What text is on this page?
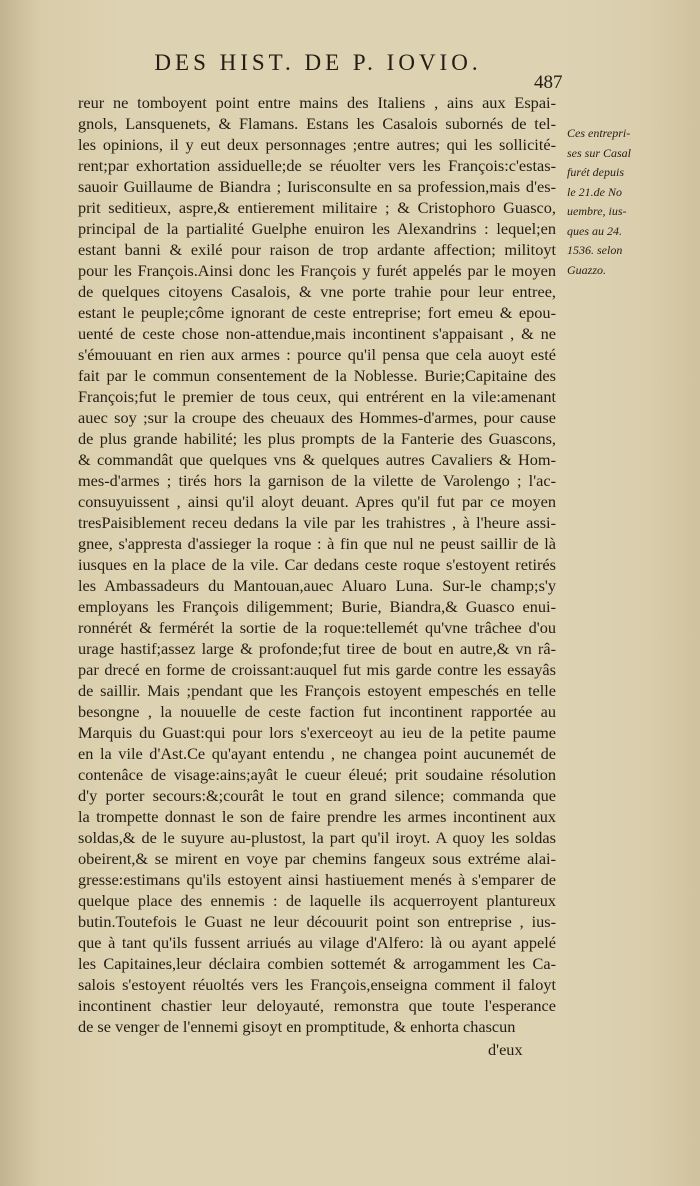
DES HIST. DE P. IOVIO.
487
reur ne tomboyent point entre mains des Italiens , ains aux Espai-
gnols, Lansquenets, & Flamans. Estans les Casalois subornés de tel-
les opinions, il y eut deux personnages ;entre autres; qui les sollicité-
rent;par exhortation assiduelle;de se réuolter vers les François:c'estas-
sauoir Guillaume de Biandra ; Iurisconsulte en sa profession,mais d'es-
prit seditieux, aspre,& entierement militaire ; & Cristophoro Guasco,
principal de la partialité Guelphe enuiron les Alexandrins : lequel;en
estant banni & exilé pour raison de trop ardante affection; militoyt
pour les François.Ainsi donc les François y furét appelés par le moyen
de quelques citoyens Casalois, & vne porte trahie pour leur entree,
estant le peuple;côme ignorant de ceste entreprise; fort emeu & epou-
uenté de ceste chose non-attendue,mais incontinent s'appaisant , & ne
s'émouuant en rien aux armes : pource qu'il pensa que cela auoyt esté
fait par le commun consentement de la Noblesse. Burie;Capitaine des
François;fut le premier de tous ceux, qui entrérent en la vile:amenant
auec soy ;sur la croupe des cheuaux des Hommes-d'armes, pour cause
de plus grande habilité; les plus prompts de la Fanterie des Guascons,
& commandât que quelques vns & quelques autres Cavaliers & Hom-
mes-d'armes ; tirés hors la garnison de la vilette de Varolengo ; l'ac-
consuyuissent , ainsi qu'il aloyt deuant. Apres qu'il fut par ce moyen
tresPaisiblement receu dedans la vile par les trahistres , à l'heure assi-
gnee, s'appresta d'assieger la roque : à fin que nul ne peust saillir de là
iusques en la place de la vile. Car dedans ceste roque s'estoyent retirés
les Ambassadeurs du Mantouan,auec Aluaro Luna. Sur-le champ;s'y
employans les François diligemment; Burie, Biandra,& Guasco enui-
ronnérét & fermérét la sortie de la roque:tellemét qu'vne trâchee d'ou
urage hastif;assez large & profonde;fut tiree de bout en autre,& vn râ-
par drecé en forme de croissant:auquel fut mis garde contre les essayâs
de saillir. Mais ;pendant que les François estoyent empeschés en telle
besongne , la nouuelle de ceste faction fut incontinent rapportée au
Marquis du Guast:qui pour lors s'exerceoyt au ieu de la petite paume
en la vile d'Ast.Ce qu'ayant entendu , ne changea point aucunemét de
contenâce de visage:ains;ayât le cueur éleué; prit soudaine résolution
d'y porter secours:&;courât le tout en grand silence; commanda que
la trompette donnast le son de faire prendre les armes incontinent aux
soldas,& de le suyure au-plustost, la part qu'il iroyt. A quoy les soldas
obeirent,& se mirent en voye par chemins fangeux sous extréme alai-
gresse:estimans qu'ils estoyent ainsi hastiuement menés à s'emparer de
quelque place des ennemis : de laquelle ils acquerroyent plantureux
butin.Toutefois le Guast ne leur découurit point son entreprise , ius-
que à tant qu'ils fussent arriués au vilage d'Alfero: là ou ayant appelé
les Capitaines,leur déclaira combien sottemét & arrogamment les Ca-
salois s'estoyent réuoltés vers les François,enseigna comment il faloyt
incontinent chastier leur deloyauté, remonstra que toute l'esperance
de se venger de l'ennemi gisoyt en promptitude, & enhorta chascun
Ces entrepri-
ses sur Casal
furét depuis
le 21.de No
uembre, ius-
ques au 24.
1536. selon
Guazzo.
d'eux
